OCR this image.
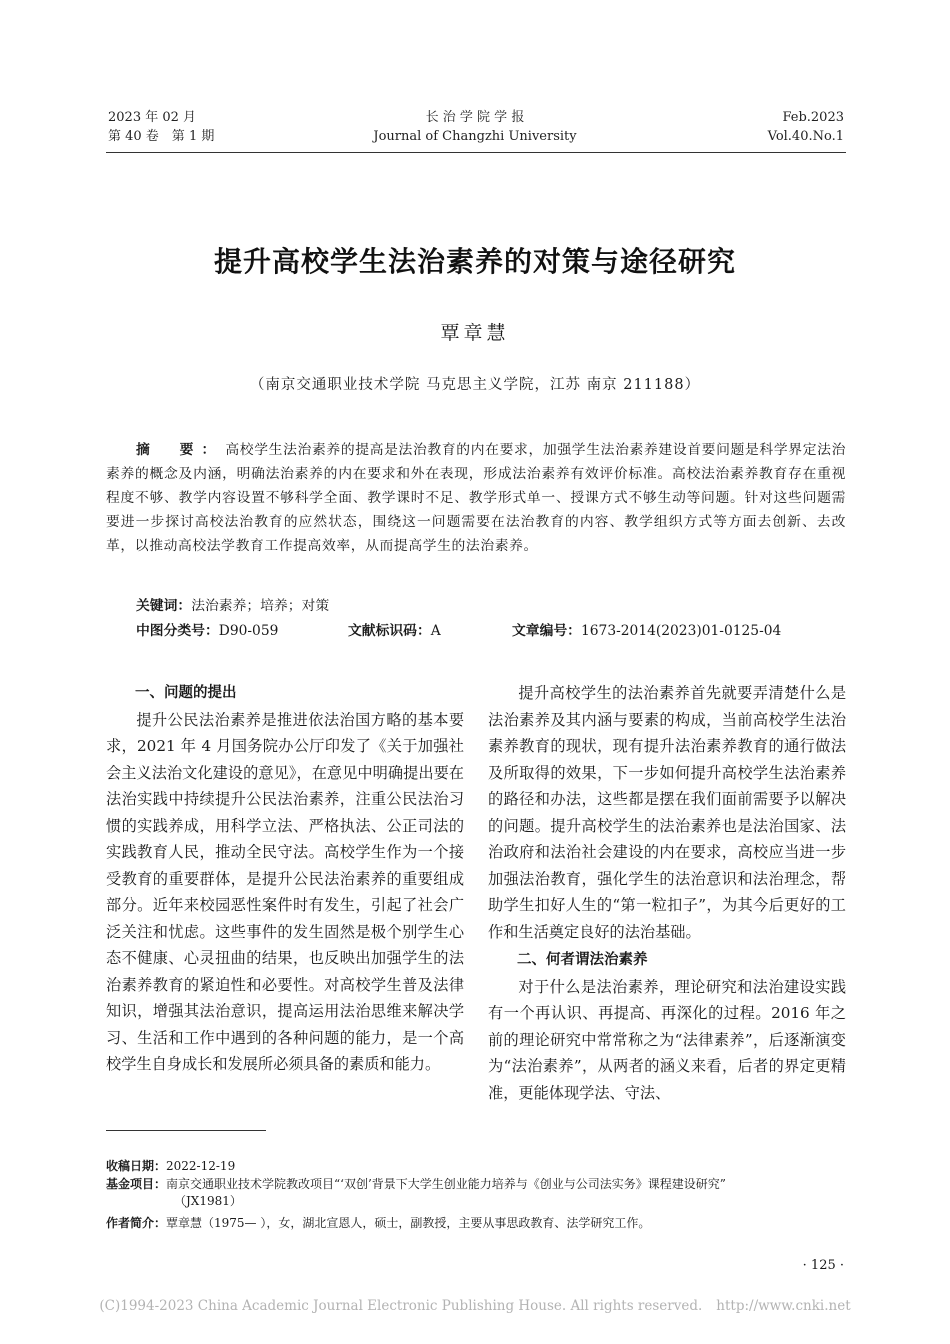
2023 年 02 月
第 40 卷　第 1 期
长 治 学 院 学 报
Journal of Changzhi University
Feb.2023
Vol.40.No.1
提升高校学生法治素养的对策与途径研究
覃章慧
（南京交通职业技术学院 马克思主义学院，江苏 南京 211188）
摘　要： 高校学生法治素养的提高是法治教育的内在要求，加强学生法治素养建设首要问题是科学界定法治素养的概念及内涵，明确法治素养的内在要求和外在表现，形成法治素养有效评价标准。高校法治素养教育存在重视程度不够、教学内容设置不够科学全面、教学课时不足、教学形式单一、授课方式不够生动等问题。针对这些问题需要进一步探讨高校法治教育的应然状态，围绕这一问题需要在法治教育的内容、教学组织方式等方面去创新、去改革，以推动高校法学教育工作提高效率，从而提高学生的法治素养。
关键词：法治素养；培养；对策
中图分类号：D90-059	文献标识码：A	文章编号：1673-2014(2023)01-0125-04

一、问题的提出

提升公民法治素养是推进依法治国方略的基本要求，2021 年 4 月国务院办公厅印发了《关于加强社会主义法治文化建设的意见》，在意见中明确提出要在法治实践中持续提升公民法治素养，注重公民法治习惯的实践养成，用科学立法、严格执法、公正司法的实践教育人民，推动全民守法。高校学生作为一个接受教育的重要群体，是提升公民法治素养的重要组成部分。近年来校园恶性案件时有发生，引起了社会广泛关注和忧虑。这些事件的发生固然是极个别学生心态不健康、心灵扭曲的结果，也反映出加强学生的法治素养教育的紧迫性和必要性。对高校学生普及法律知识，增强其法治意识，提高运用法治思维来解决学习、生活和工作中遇到的各种问题的能力，是一个高校学生自身成长和发展所必须具备的素质和能力。

提升高校学生的法治素养首先就要弄清楚什么是法治素养及其内涵与要素的构成，当前高校学生法治素养教育的现状，现有提升法治素养教育的通行做法及所取得的效果，下一步如何提升高校学生法治素养的路径和办法，这些都是摆在我们面前需要予以解决的问题。提升高校学生的法治素养也是法治国家、法治政府和法治社会建设的内在要求，高校应当进一步加强法治教育，强化学生的法治意识和法治理念，帮助学生扣好人生的“第一粒扣子”，为其今后更好的工作和生活奠定良好的法治基础。

二、何者谓法治素养

对于什么是法治素养，理论研究和法治建设实践有一个再认识、再提高、再深化的过程。2016 年之前的理论研究中常常称之为“法律素养”，后逐渐演变为“法治素养”，从两者的涵义来看，后者的界定更精准，更能体现学法、守法、

收稿日期：2022-12-19
基金项目：南京交通职业技术学院教改项目“‘双创’背景下大学生创业能力培养与《创业与公司法实务》课程建设研究”
（JX1981）
作者简介：覃章慧（1975— ），女，湖北宣恩人，硕士，副教授，主要从事思政教育、法学研究工作。
· 125 ·
(C)1994-2023 China Academic Journal Electronic Publishing House. All rights reserved. http://www.cnki.net
